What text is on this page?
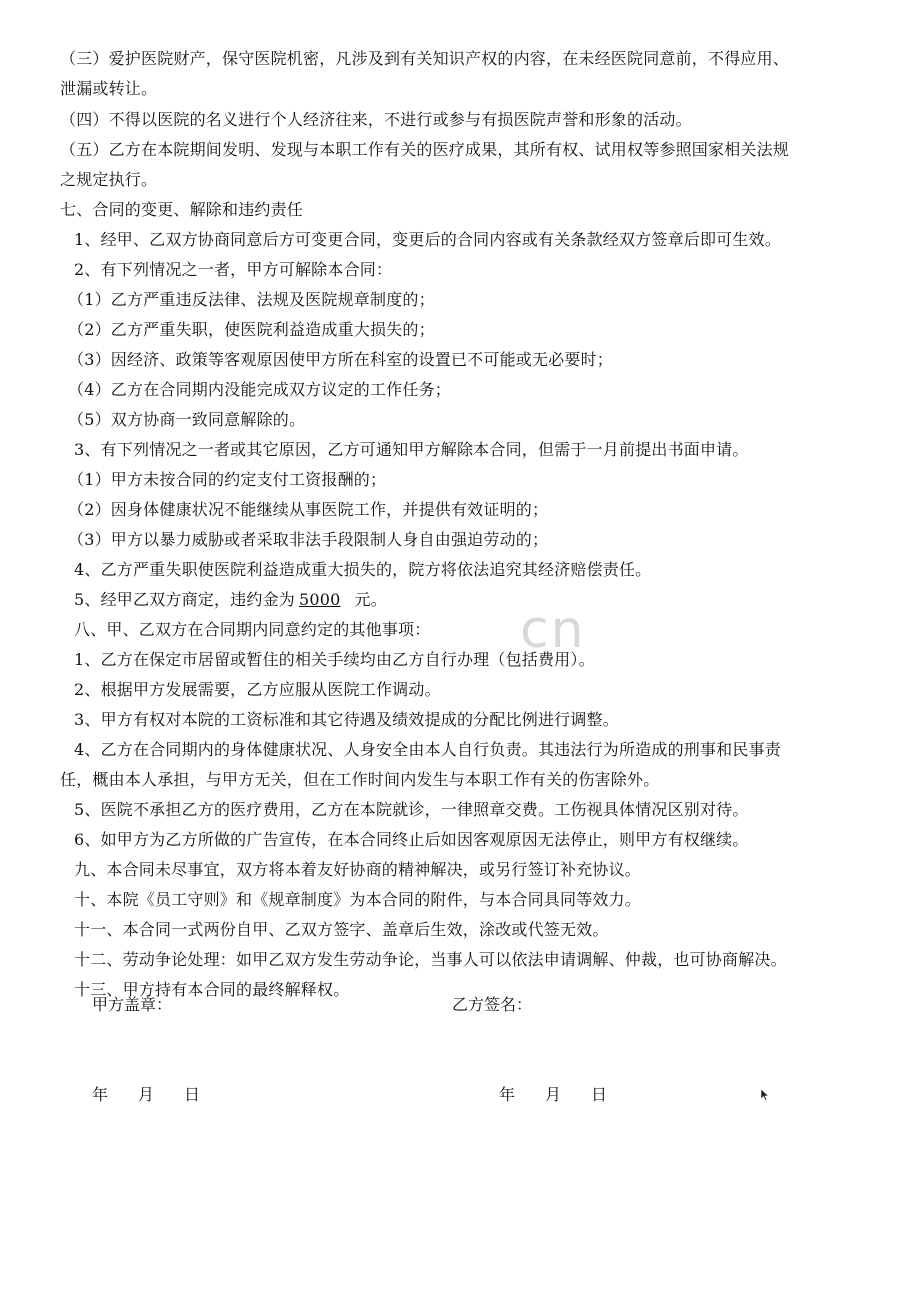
cn
（三）爱护医院财产，保守医院机密，凡涉及到有关知识产权的内容，在未经医院同意前，不得应用、
泄漏或转让。
（四）不得以医院的名义进行个人经济往来，不进行或参与有损医院声誉和形象的活动。
（五）乙方在本院期间发明、发现与本职工作有关的医疗成果，其所有权、试用权等参照国家相关法规
之规定执行。
七、合同的变更、解除和违约责任
1、经甲、乙双方协商同意后方可变更合同，变更后的合同内容或有关条款经双方签章后即可生效。
2、有下列情况之一者，甲方可解除本合同：
（1）乙方严重违反法律、法规及医院规章制度的；
（2）乙方严重失职，使医院利益造成重大损失的；
（3）因经济、政策等客观原因使甲方所在科室的设置已不可能或无必要时；
（4）乙方在合同期内没能完成双方议定的工作任务；
（5）双方协商一致同意解除的。
3、有下列情况之一者或其它原因，乙方可通知甲方解除本合同，但需于一月前提出书面申请。
（1）甲方未按合同的约定支付工资报酬的；
（2）因身体健康状况不能继续从事医院工作，并提供有效证明的；
（3）甲方以暴力威胁或者采取非法手段限制人身自由强迫劳动的；
4、乙方严重失职使医院利益造成重大损失的，院方将依法追究其经济赔偿责任。
5、经甲乙双方商定，违约金为 5000 元。
八、甲、乙双方在合同期内同意约定的其他事项：
1、乙方在保定市居留或暂住的相关手续均由乙方自行办理（包括费用）。
2、根据甲方发展需要，乙方应服从医院工作调动。
3、甲方有权对本院的工资标准和其它待遇及绩效提成的分配比例进行调整。
4、乙方在合同期内的身体健康状况、人身安全由本人自行负责。其违法行为所造成的刑事和民事责
任，概由本人承担，与甲方无关，但在工作时间内发生与本职工作有关的伤害除外。
5、医院不承担乙方的医疗费用，乙方在本院就诊，一律照章交费。工伤视具体情况区别对待。
6、如甲方为乙方所做的广告宣传，在本合同终止后如因客观原因无法停止，则甲方有权继续。
九、本合同未尽事宜，双方将本着友好协商的精神解决，或另行签订补充协议。
十、本院《员工守则》和《规章制度》为本合同的附件，与本合同具同等效力。
十一、本合同一式两份自甲、乙双方签字、盖章后生效，涂改或代签无效。
十二、劳动争论处理：如甲乙双方发生劳动争论，当事人可以依法申请调解、仲裁，也可协商解决。
十三、甲方持有本合同的最终解释权。
甲方盖章：	乙方签名：
年 月 日	年 月 日
